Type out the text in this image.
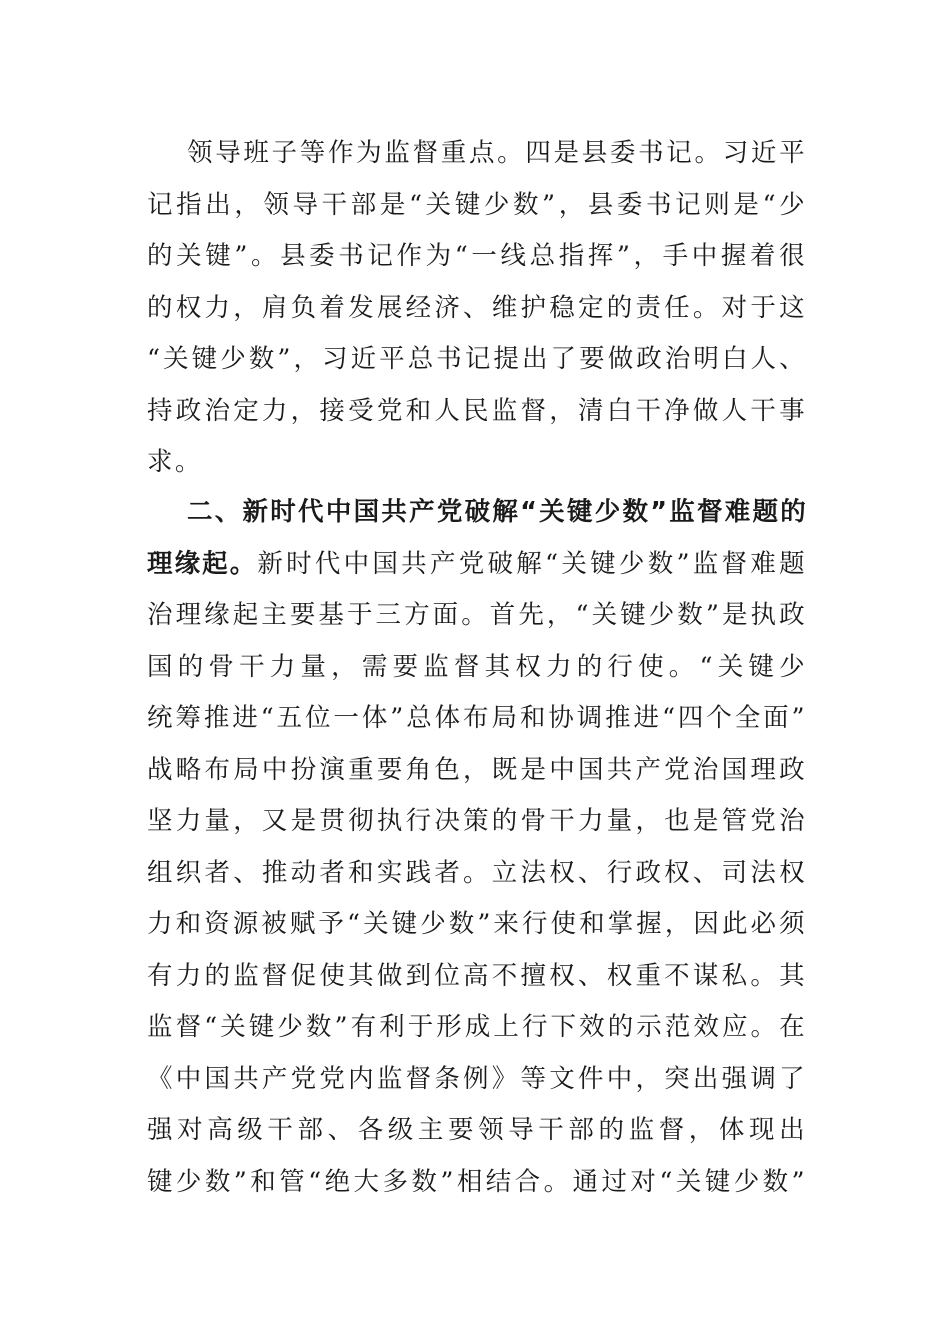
领导班子等作为监督重点。四是县委书记。习近平
记指出，领导干部是“关键少数”，县委书记则是“少
的关键”。县委书记作为“一线总指挥”，手中握着很
的权力，肩负着发展经济、维护稳定的责任。对于这
“关键少数”，习近平总书记提出了要做政治明白人、
持政治定力，接受党和人民监督，清白干净做人干事
求。
二、新时代中国共产党破解“关键少数”监督难题的
理缘起。新时代中国共产党破解“关键少数”监督难题
治理缘起主要基于三方面。首先，“关键少数”是执政
国的骨干力量，需要监督其权力的行使。“关键少
统筹推进“五位一体”总体布局和协调推进“四个全面”
战略布局中扮演重要角色，既是中国共产党治国理政
坚力量，又是贯彻执行决策的骨干力量，也是管党治
组织者、推动者和实践者。立法权、行政权、司法权
力和资源被赋予“关键少数”来行使和掌握，因此必须
有力的监督促使其做到位高不擅权、权重不谋私。其
监督“关键少数”有利于形成上行下效的示范效应。在
《中国共产党党内监督条例》等文件中，突出强调了
强对高级干部、各级主要领导干部的监督，体现出
键少数”和管“绝大多数”相结合。通过对“关键少数”
